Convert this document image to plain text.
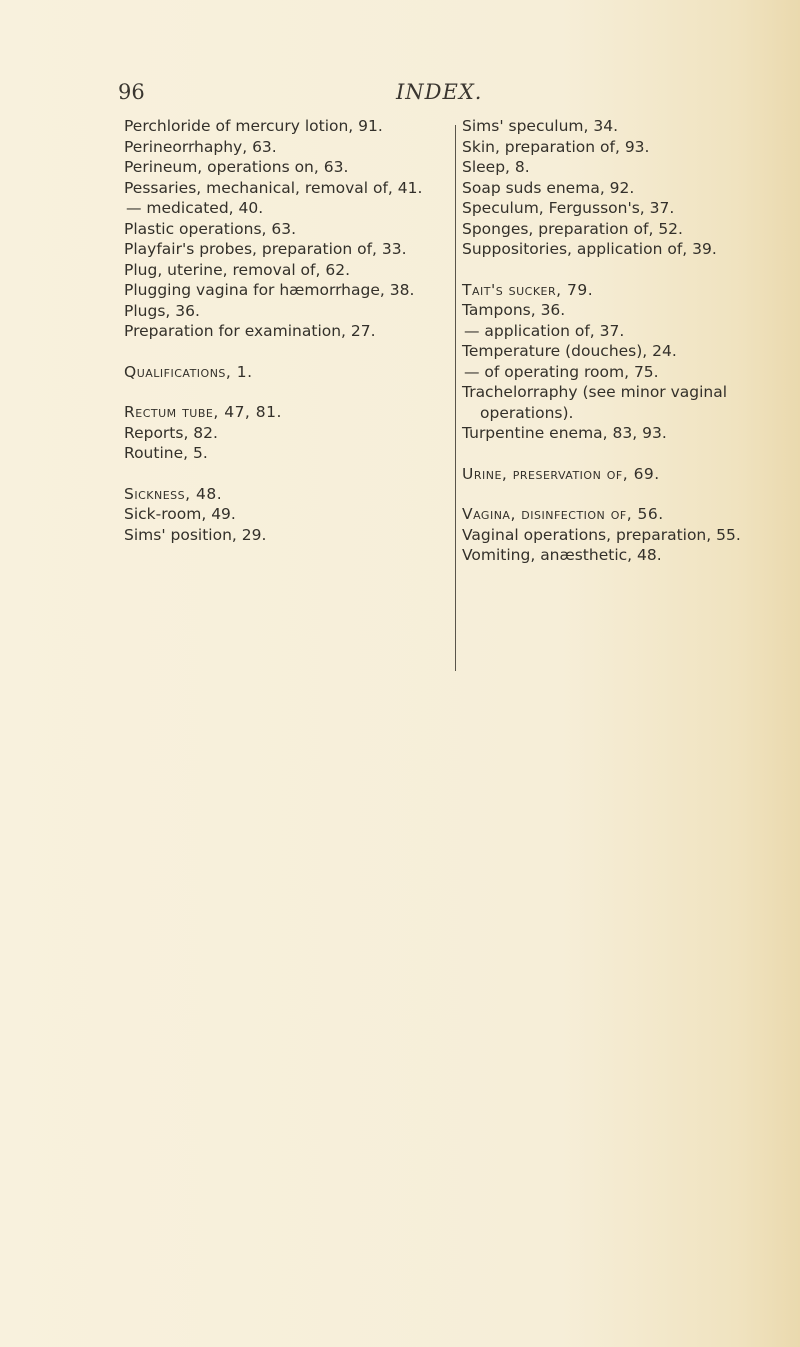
96	INDEX.
Perchloride of mercury lotion, 91.
Perineorrhaphy, 63.
Perineum, operations on, 63.
Pessaries, mechanical, removal of, 41.
— medicated, 40.
Plastic operations, 63.
Playfair's probes, preparation of, 33.
Plug, uterine, removal of, 62.
Plugging vagina for hæmorrhage, 38.
Plugs, 36.
Preparation for examination, 27.
Qualifications, 1.
Rectum tube, 47, 81.
Reports, 82.
Routine, 5.
Sickness, 48.
Sick-room, 49.
Sims' position, 29.
Sims' speculum, 34.
Skin, preparation of, 93.
Sleep, 8.
Soap suds enema, 92.
Speculum, Fergusson's, 37.
Sponges, preparation of, 52.
Suppositories, application of, 39.
Tait's sucker, 79.
Tampons, 36.
— application of, 37.
Temperature (douches), 24.
— of operating room, 75.
Trachelorraphy (see minor vaginal operations).
Turpentine enema, 83, 93.
Urine, preservation of, 69.
Vagina, disinfection of, 56.
Vaginal operations, preparation, 55.
Vomiting, anæsthetic, 48.
